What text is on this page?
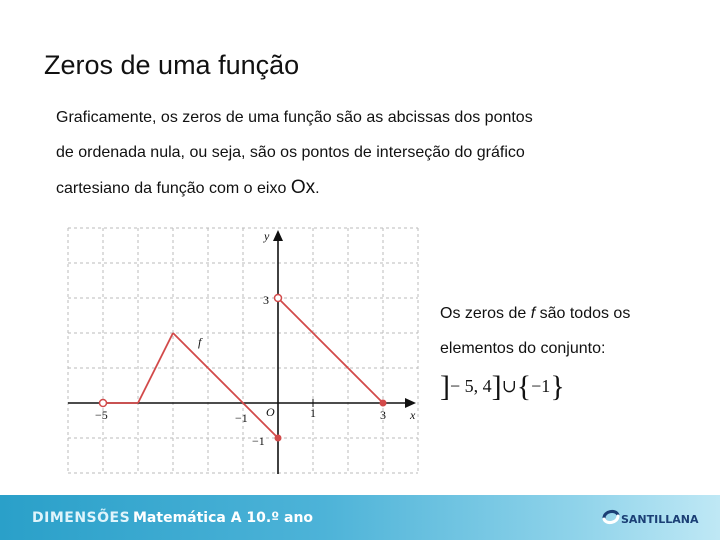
Zeros de uma função
Graficamente, os zeros de uma função são as abcissas dos pontos
de ordenada nula, ou seja, são os pontos de interseção do gráfico
cartesiano da função com o eixo Ox.
y
x
O
f
−5	−1	1	3
3
−1
Os zeros de f são todos os
elementos do conjunto:
]− 5, 4]∪{−1}
DIMENSÕES Matemática A 10.º ano	SANTILLANA
